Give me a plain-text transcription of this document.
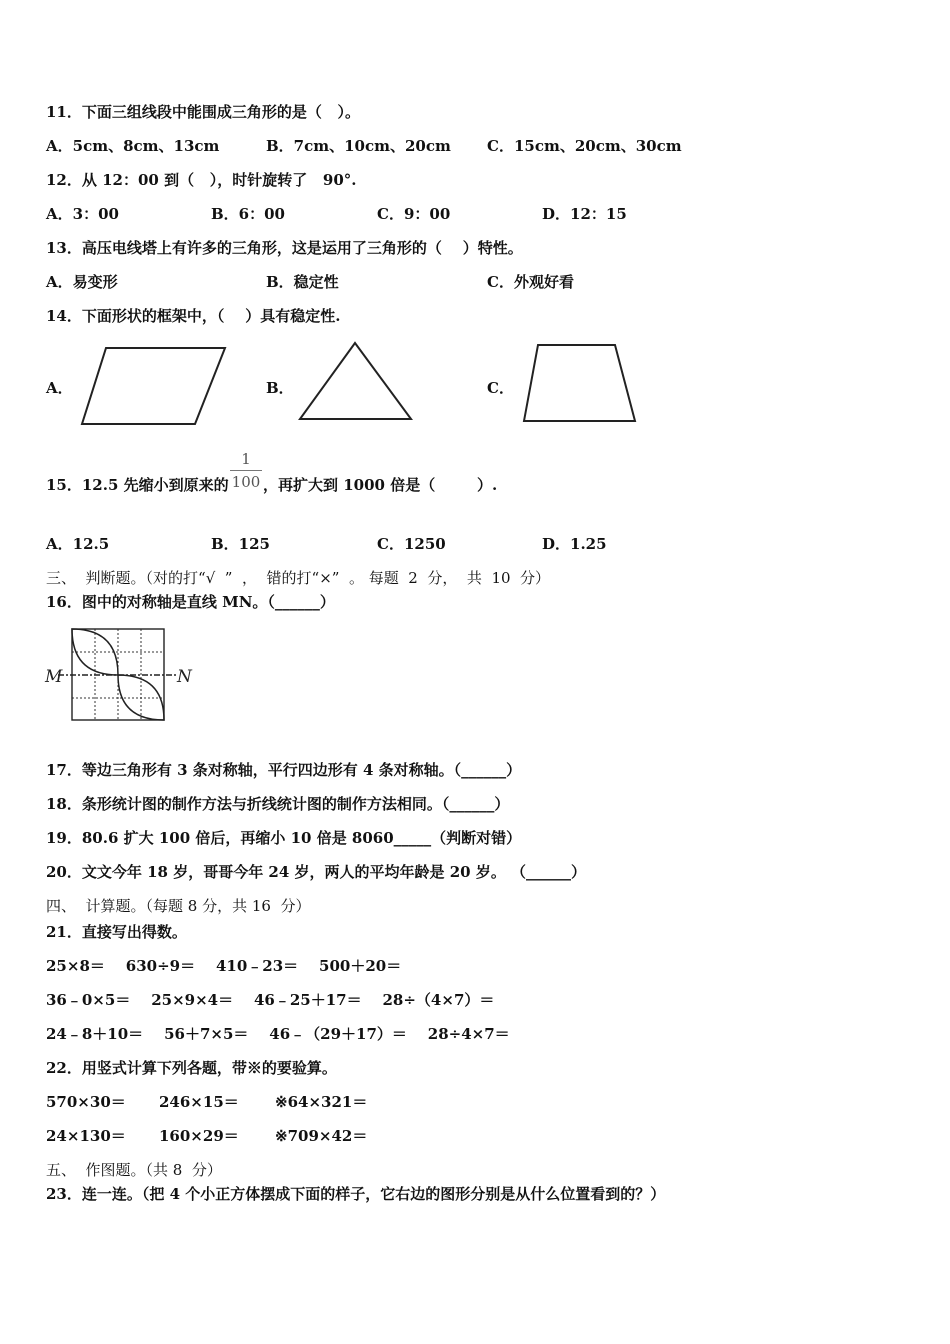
11．下面三组线段中能围成三角形的是（   ）。
A．5cm、8cm、13cm	B．7cm、10cm、20cm C．15cm、20cm、30cm
12．从 12：00 到（   ），时针旋转了   90°.
A．3：00	B．6：00	C．9：00	D．12：15
13．高压电线塔上有许多的三角形，这是运用了三角形的（    ）特性。
A．易变形	B．稳定性	C．外观好看
14．下面形状的框架中，（    ）具有稳定性.
A．	B．	C．
15．12.5 先缩小到原来的
1
100 ，再扩大到 1000 倍是（        ）.
A．12.5	B．125	C．1250	D．1.25
三、  判断题。（对的打“√  ”  ，  错的打“×”  。 每题  2  分，  共  10  分）
16．图中的对称轴是直线 MN。（______）
M	N
17．等边三角形有 3 条对称轴，平行四边形有 4 条对称轴。（______）
18．条形统计图的制作方法与折线统计图的制作方法相同。（______）
19．80.6 扩大 100 倍后，再缩小 10 倍是 8060_____（判断对错）
20．文文今年 18 岁，哥哥今年 24 岁，两人的平均年龄是 20 岁。 （______）
四、  计算题。（每题 8 分，共 16  分）
21．直接写出得数。
25×8＝    630÷9＝    410﹣23＝    500＋20＝
36﹣0×5＝    25×9×4＝    46﹣25＋17＝    28÷（4×7）＝
24﹣8＋10＝    56＋7×5＝    46﹣（29＋17）＝    28÷4×7＝
22．用竖式计算下列各题，带※的要验算。
570×30＝ 246×15＝ ※64×321＝
24×130＝ 160×29＝ ※709×42＝
五、  作图题。（共 8  分）
23．连一连。（把 4 个小正方体摆成下面的样子，它右边的图形分别是从什么位置看到的？）
